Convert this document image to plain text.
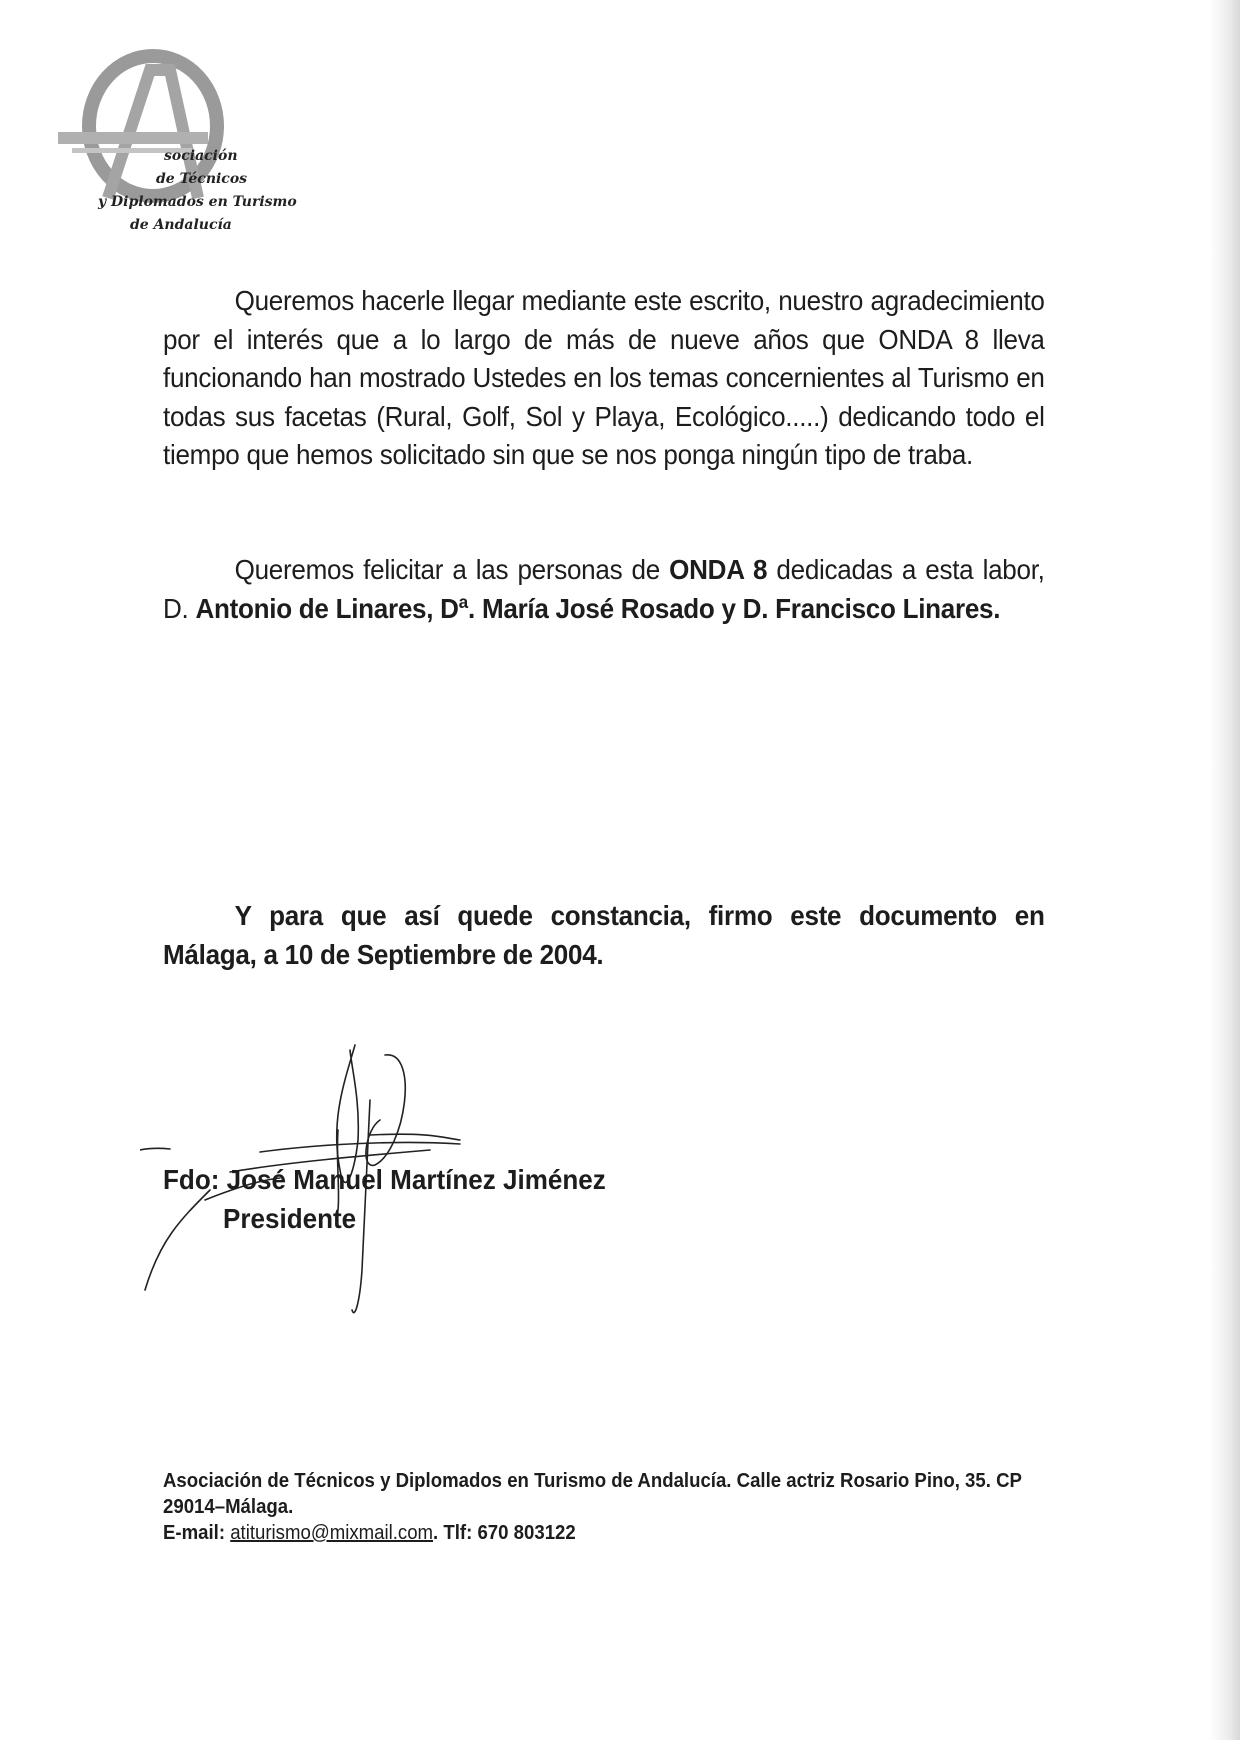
sociación
de Técnicos
y Diplomados en Turismo
de Andalucía
Queremos hacerle llegar mediante este escrito, nuestro agradecimiento por el interés que a lo largo de más de nueve años que ONDA 8 lleva funcionando han mostrado Ustedes en los temas concernientes al Turismo en todas sus facetas (Rural, Golf, Sol y Playa, Ecológico.....) dedicando todo el tiempo que hemos solicitado sin que se nos ponga ningún tipo de traba.
Queremos felicitar a las personas de ONDA 8 dedicadas a esta labor, D. Antonio de Linares, Dª. María José Rosado y D. Francisco Linares.
Y para que así quede constancia, firmo este documento en Málaga, a 10 de Septiembre de 2004.
Fdo: José Manuel Martínez Jiménez
Presidente
Asociación de Técnicos y Diplomados en Turismo de Andalucía. Calle actriz Rosario Pino, 35. CP 29014–Málaga.
E-mail: atiturismo@mixmail.com. Tlf: 670 803122
